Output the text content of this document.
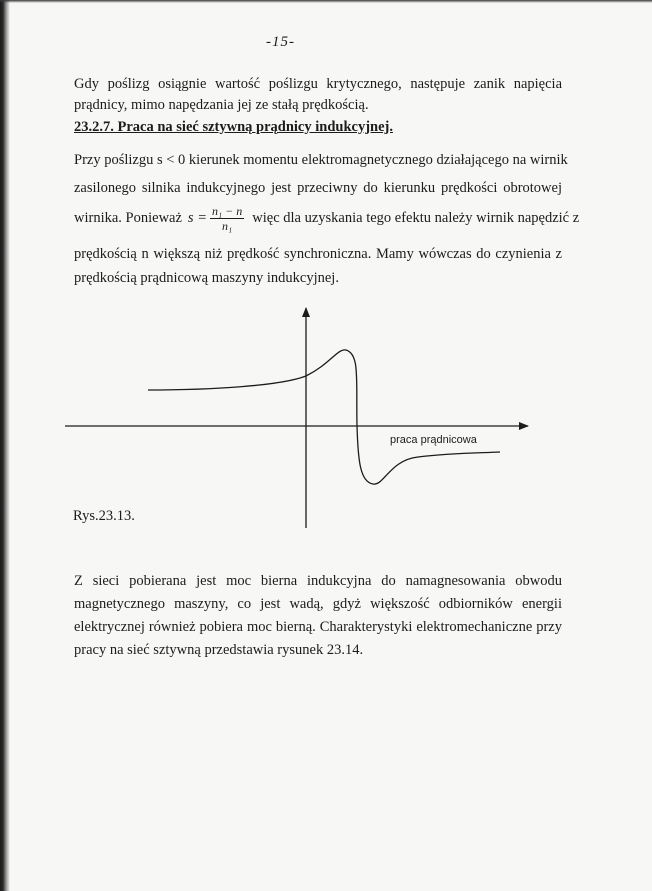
-15-
Gdy poślizg osiągnie wartość poślizgu krytycznego, następuje zanik napięcia prądnicy, mimo napędzania jej ze stałą prędkością.
23.2.7. Praca na sieć sztywną prądnicy indukcyjnej.
Przy poślizgu s < 0 kierunek momentu elektromagnetycznego działającego na wirnik
zasilonego silnika indukcyjnego jest przeciwny do kierunku prędkości obrotowej
wirnika. Ponieważ $s = \frac{\text{n₁ − n}}{\text{n₁}}$ więc dla uzyskania tego efektu należy wirnik napędzić z
prędkością n większą niż prędkość synchroniczna. Mamy wówczas do czynienia z
prędkością prądnicową maszyny indukcyjnej.
praca prądnicowa
Rys.23.13.
Z sieci pobierana jest moc bierna indukcyjna do namagnesowania obwodu magnetycznego maszyny, co jest wadą, gdyż większość odbiorników energii elektrycznej również pobiera moc bierną. Charakterystyki elektromechaniczne przy pracy na sieć sztywną przedstawia rysunek 23.14.
